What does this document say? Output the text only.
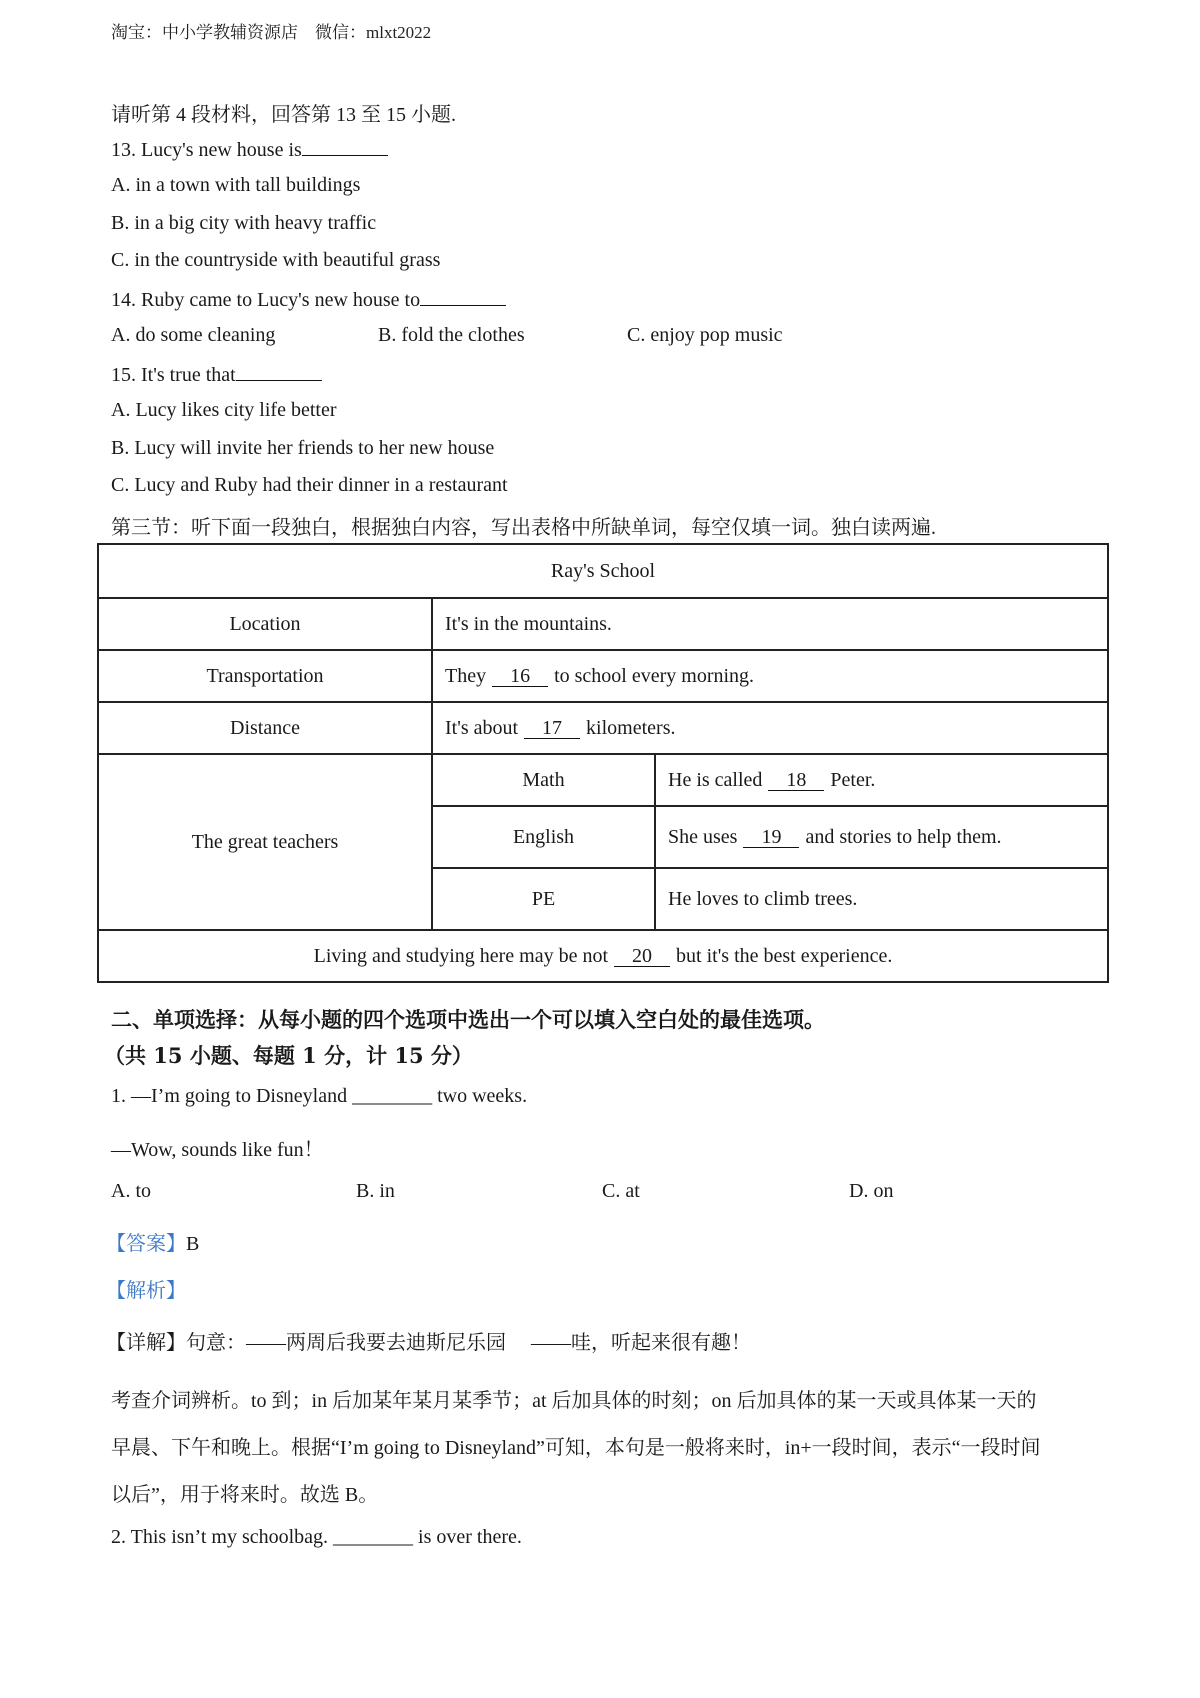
淘宝：中小学教辅资源店　微信：mlxt2022
请听第 4 段材料，回答第 13 至 15 小题.
13. Lucy's new house is
A. in a town with tall buildings
B. in a big city with heavy traffic
C. in the countryside with beautiful grass
14. Ruby came to Lucy's new house to
A. do some cleaning	B. fold the clothes	C. enjoy pop music
15. It's true that
A. Lucy likes city life better
B. Lucy will invite her friends to her new house
C. Lucy and Ruby had their dinner in a restaurant
第三节：听下面一段独白，根据独白内容，写出表格中所缺单词，每空仅填一词。独白读两遍.
Ray's School		
Location	It's in the mountains.	
Transportation	They 16 to school every morning.	
Distance	It's about 17 kilometers.	
The great teachers	Math	He is called 18 Peter.
	English	She uses 19 and stories to help them.
	PE	He loves to climb trees.
Living and studying here may be not 20 but it's the best experience.		
二、单项选择：从每小题的四个选项中选出一个可以填入空白处的最佳选项。
（共 15 小题、每题 1 分，计 15 分）
1. —I’m going to Disneyland ________ two weeks.
—Wow, sounds like fun！
A. to	B. in	C. at	D. on
【答案】B
【解析】
【详解】句意：——两周后我要去迪斯尼乐园 　——哇，听起来很有趣！
考查介词辨析。to 到；in 后加某年某月某季节；at 后加具体的时刻；on 后加具体的某一天或具体某一天的
早晨、下午和晚上。根据“I’m going to Disneyland”可知，本句是一般将来时，in+一段时间，表示“一段时间
以后”，用于将来时。故选 B。
2. This isn’t my schoolbag. ________ is over there.
